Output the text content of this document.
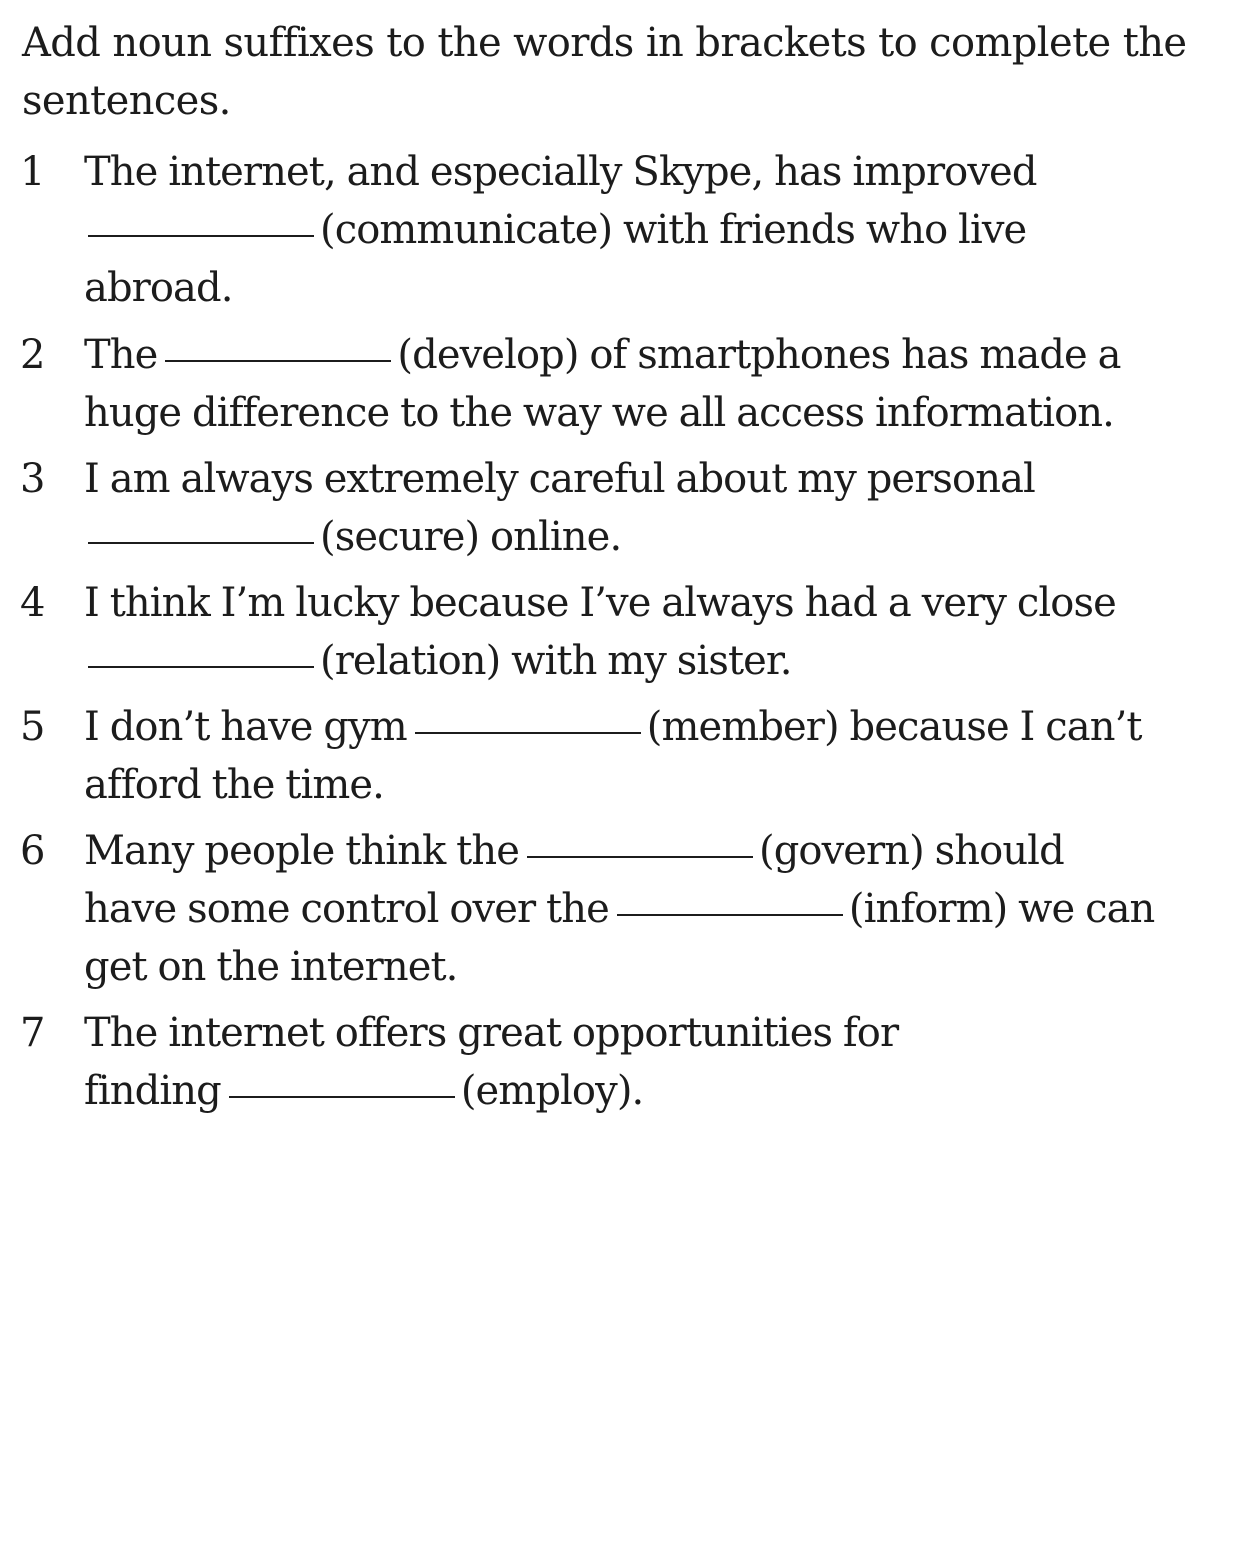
Add noun suffixes to the words in brackets to complete the
sentences.

1 The internet, and especially Skype, has improved
(communicate) with friends who live
abroad.
2 The	(develop) of smartphones has made a
huge difference to the way we all access information.
3 I am always extremely careful about my personal
(secure) online.
4 I think I’m lucky because I’ve always had a very close
(relation) with my sister.
5 I don’t have gym	(member) because I can’t
afford the time.
6 Many people think the	(govern) should
have some control over the	(inform) we can
get on the internet.
7 The internet offers great opportunities for
finding	(employ).
